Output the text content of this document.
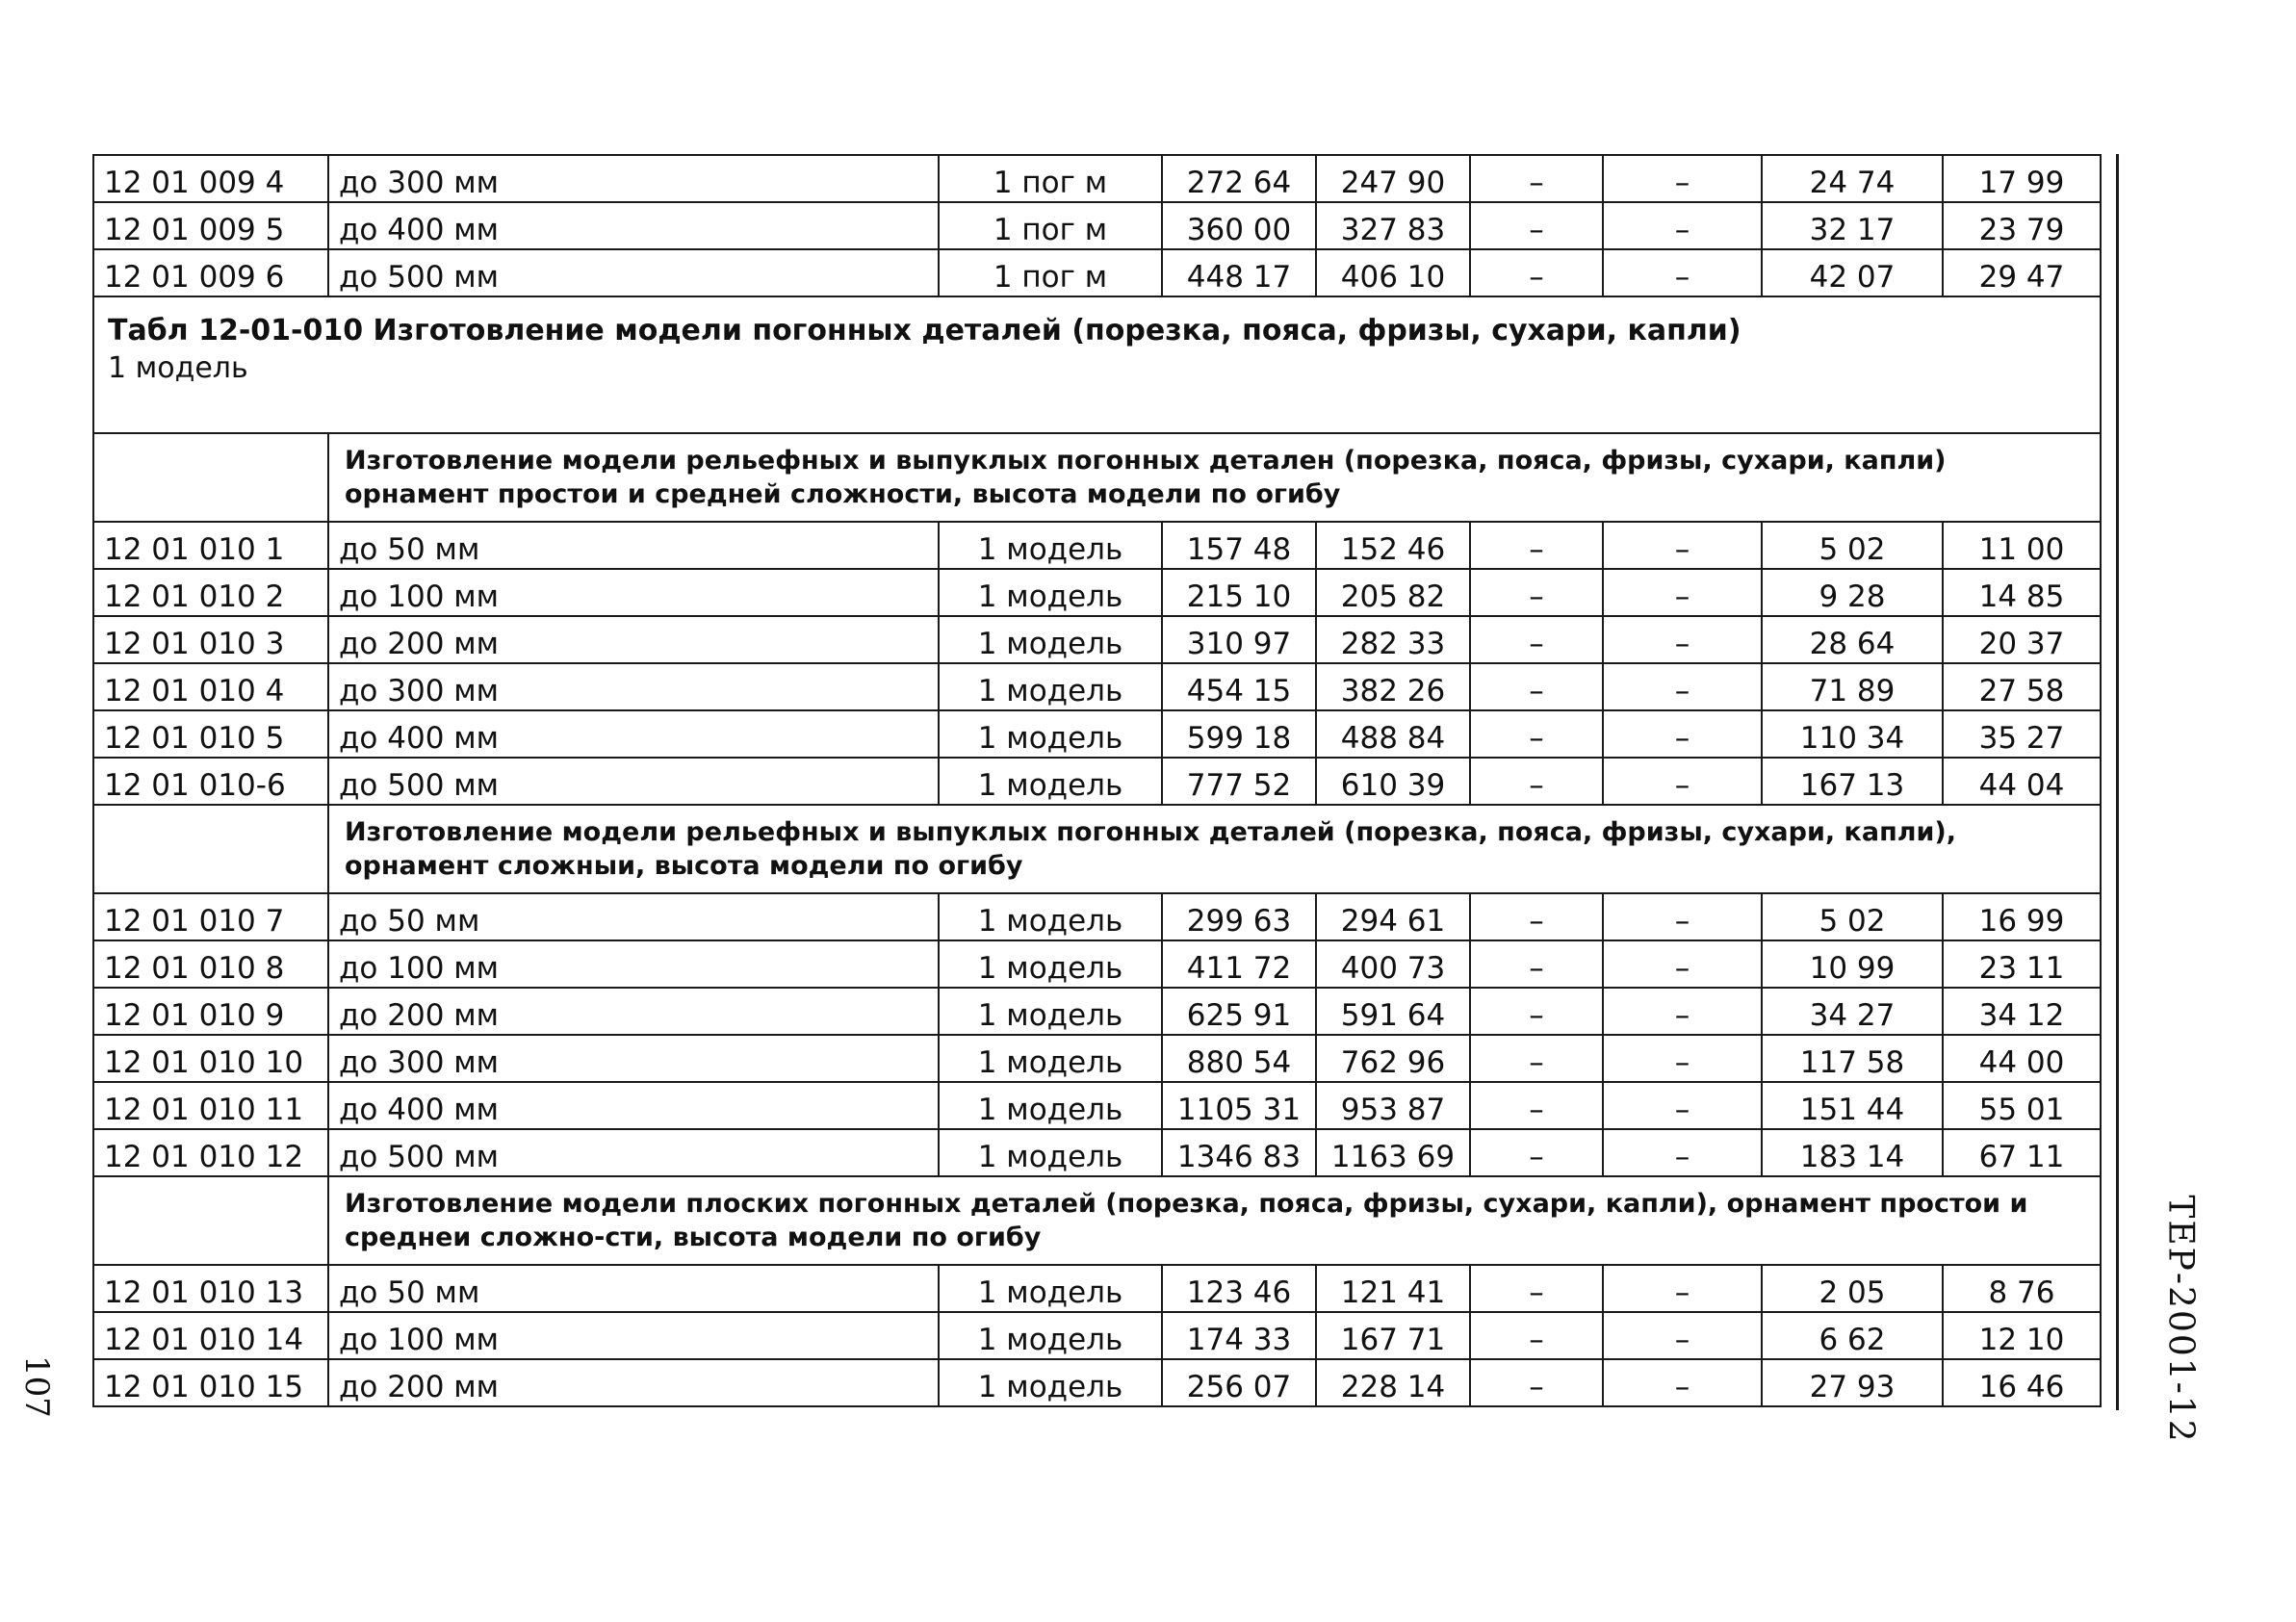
107	ТЕР-2001-12
12 01 009 4	до 300 мм	1 пог м	272 64	247 90	–	–	24 74	17 99
12 01 009 5	до 400 мм	1 пог м	360 00	327 83	–	–	32 17	23 79
12 01 009 6	до 500 мм	1 пог м	448 17	406 10	–	–	42 07	29 47

Табл 12-01-010 Изготовление модели погонных деталей (порезка, пояса, фризы, сухари, капли)
1 модель								

	Изготовление модели рельефных и выпуклых погонных детален (порезка, пояса, фризы, сухари, капли) орнамент простои и средней сложности, высота модели по огибу							
12 01 010 1	до 50 мм	1 модель	157 48	152 46	–	–	5 02	11 00
12 01 010 2	до 100 мм	1 модель	215 10	205 82	–	–	9 28	14 85
12 01 010 3	до 200 мм	1 модель	310 97	282 33	–	–	28 64	20 37
12 01 010 4	до 300 мм	1 модель	454 15	382 26	–	–	71 89	27 58
12 01 010 5	до 400 мм	1 модель	599 18	488 84	–	–	110 34	35 27
12 01 010-6	до 500 мм	1 модель	777 52	610 39	–	–	167 13	44 04
	Изготовление модели рельефных и выпуклых погонных деталей (порезка, пояса, фризы, сухари, капли), орнамент сложныи, высота модели по огибу							
12 01 010 7	до 50 мм	1 модель	299 63	294 61	–	–	5 02	16 99
12 01 010 8	до 100 мм	1 модель	411 72	400 73	–	–	10 99	23 11
12 01 010 9	до 200 мм	1 модель	625 91	591 64	–	–	34 27	34 12
12 01 010 10	до 300 мм	1 модель	880 54	762 96	–	–	117 58	44 00
12 01 010 11	до 400 мм	1 модель	1105 31	953 87	–	–	151 44	55 01
12 01 010 12	до 500 мм	1 модель	1346 83	1163 69	–	–	183 14	67 11
	Изготовление модели плоских погонных деталей (порезка, пояса, фризы, сухари, капли), орнамент простои и среднеи сложно-сти, высота модели по огибу							
12 01 010 13	до 50 мм	1 модель	123 46	121 41	–	–	2 05	8 76
12 01 010 14	до 100 мм	1 модель	174 33	167 71	–	–	6 62	12 10
12 01 010 15	до 200 мм	1 модель	256 07	228 14	–	–	27 93	16 46
